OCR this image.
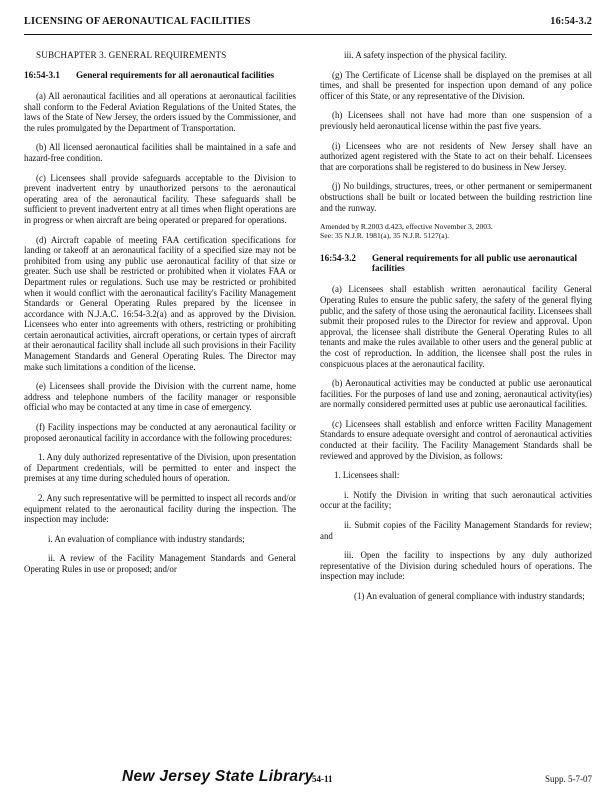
LICENSING OF AERONAUTICAL FACILITIES	16:54-3.2

SUBCHAPTER 3. GENERAL REQUIREMENTS

16:54-3.1	General requirements for all aeronautical facilities

(a) All aeronautical facilities and all operations at aeronautical facilities shall conform to the Federal Aviation Regulations of the United States, the laws of the State of New Jersey, the orders issued by the Commissioner, and the rules promulgated by the Department of Transportation.

(b) All licensed aeronautical facilities shall be maintained in a safe and hazard-free condition.

(c) Licensees shall provide safeguards acceptable to the Division to prevent inadvertent entry by unauthorized persons to the aeronautical operating area of the aeronautical facility. These safeguards shall be sufficient to prevent inadvertent entry at all times when flight operations are in progress or when aircraft are being operated or prepared for operations.

(d) Aircraft capable of meeting FAA certification specifications for landing or takeoff at an aeronautical facility of a specified size may not be prohibited from using any public use aeronautical facility of that size or greater. Such use shall be restricted or prohibited when it violates FAA or Department rules or regulations. Such use may be restricted or prohibited when it would conflict with the aeronautical facility's Facility Management Standards or General Operating Rules prepared by the licensee in accordance with N.J.A.C. 16:54-3.2(a) and as approved by the Division. Licensees who enter into agreements with others, restricting or prohibiting certain aeronautical activities, aircraft operations, or certain types of aircraft at their aeronautical facility shall include all such provisions in their Facility Management Standards and General Operating Rules. The Director may make such limitations a condition of the license.

(e) Licensees shall provide the Division with the current name, home address and telephone numbers of the facility manager or responsible official who may be contacted at any time in case of emergency.

(f) Facility inspections may be conducted at any aeronautical facility or proposed aeronautical facility in accordance with the following procedures:

1. Any duly authorized representative of the Division, upon presentation of Department credentials, will be permitted to enter and inspect the premises at any time during scheduled hours of operation.

2. Any such representative will be permitted to inspect all records and/or equipment related to the aeronautical facility during the inspection. The inspection may include:

i. An evaluation of compliance with industry standards;

ii. A review of the Facility Management Standards and General Operating Rules in use or proposed; and/or

iii. A safety inspection of the physical facility.

(g) The Certificate of License shall be displayed on the premises at all times, and shall be presented for inspection upon demand of any police officer of this State, or any representative of the Division.

(h) Licensees shall not have had more than one suspension of a previously held aeronautical license within the past five years.

(i) Licensees who are not residents of New Jersey shall have an authorized agent registered with the State to act on their behalf. Licensees that are corporations shall be registered to do business in New Jersey.

(j) No buildings, structures, trees, or other permanent or semipermanent obstructions shall be built or located between the building restriction line and the runway.

Amended by R.2003 d.423, effective November 3, 2003.
See: 35 N.J.R. 1981(a), 35 N.J.R. 5127(a).
16:54-3.2	General requirements for all public use aeronautical facilities

(a) Licensees shall establish written aeronautical facility General Operating Rules to ensure the public safety, the safety of the general flying public, and the safety of those using the aeronautical facility. Licensees shall submit their proposed rules to the Director for review and approval. Upon approval, the licensee shall distribute the General Operating Rules to all tenants and make the rules available to other users and the general public at the cost of reproduction. In addition, the licensee shall post the rules in conspicuous places at the aeronautical facility.

(b) Aeronautical activities may be conducted at public use aeronautical facilities. For the purposes of land use and zoning, aeronautical activity(ies) are normally considered permitted uses at public use aeronautical facilities.

(c) Licensees shall establish and enforce written Facility Management Standards to ensure adequate oversight and control of aeronautical activities conducted at their facility. The Facility Management Standards shall be reviewed and approved by the Division, as follows:

1. Licensees shall:

i. Notify the Division in writing that such aeronautical activities occur at the facility;

ii. Submit copies of the Facility Management Standards for review; and

iii. Open the facility to inspections by any duly authorized representative of the Division during scheduled hours of operations. The inspection may include:

(1) An evaluation of general compliance with industry standards;

New Jersey State Library
54-11	Supp. 5-7-07
